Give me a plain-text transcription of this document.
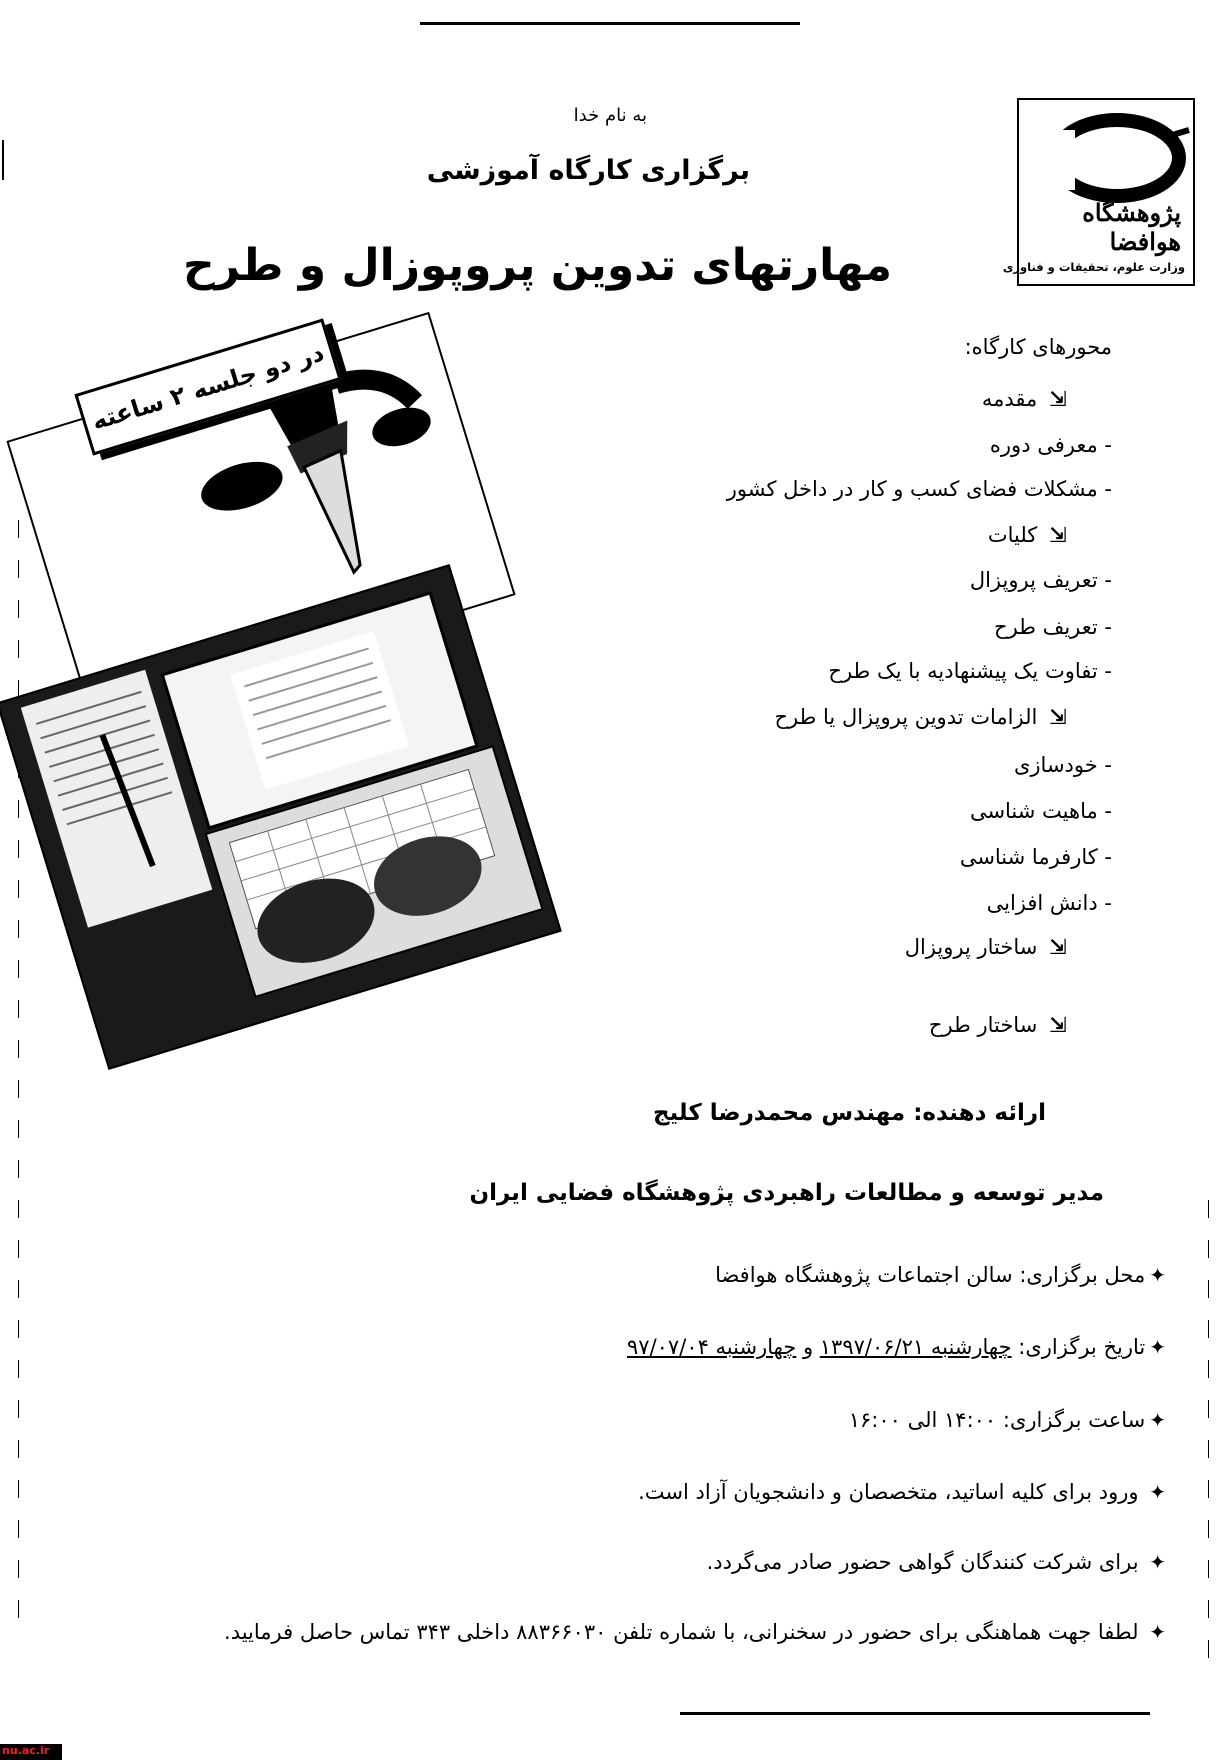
به نام خدا
برگزاری کارگاه آموزشی
مهارتهای تدوین پروپوزال و طرح
پژوهشگاه هوافضا
وزارت علوم، تحقیقات و فناوری
در دو جلسه ۲ ساعته	محورهای کارگاه:
⇲ مقدمه
- معرفی دوره
- مشکلات فضای کسب و کار در داخل کشور
⇲ کلیات
- تعریف پروپزال
- تعریف طرح
- تفاوت یک پیشنهادیه با یک طرح
⇲ الزامات تدوین پروپزال یا طرح
- خودسازی
- ماهیت شناسی
- کارفرما شناسی
- دانش افزایی
⇲ ساختار پروپزال
⇲ ساختار طرح
ارائه دهنده: مهندس محمدرضا کلیج
مدیر توسعه و مطالعات راهبردی پژوهشگاه فضایی ایران
✦محل برگزاری: سالن اجتماعات پژوهشگاه هوافضا
✦تاریخ برگزاری: چهارشنبه ۱۳۹۷/۰۶/۲۱ و چهارشنبه ۹۷/۰۷/۰۴
✦ساعت برگزاری: ۱۴:۰۰ الی ۱۶:۰۰
✦ ورود برای کلیه اساتید، متخصصان و دانشجویان آزاد است.
✦ برای شرکت کنندگان گواهی حضور صادر می‌گردد.
✦ لطفا جهت هماهنگی برای حضور در سخنرانی، با شماره تلفن ۸۸۳۶۶۰۳۰ داخلی ۳۴۳ تماس حاصل فرمایید.
nu.ac.ir
